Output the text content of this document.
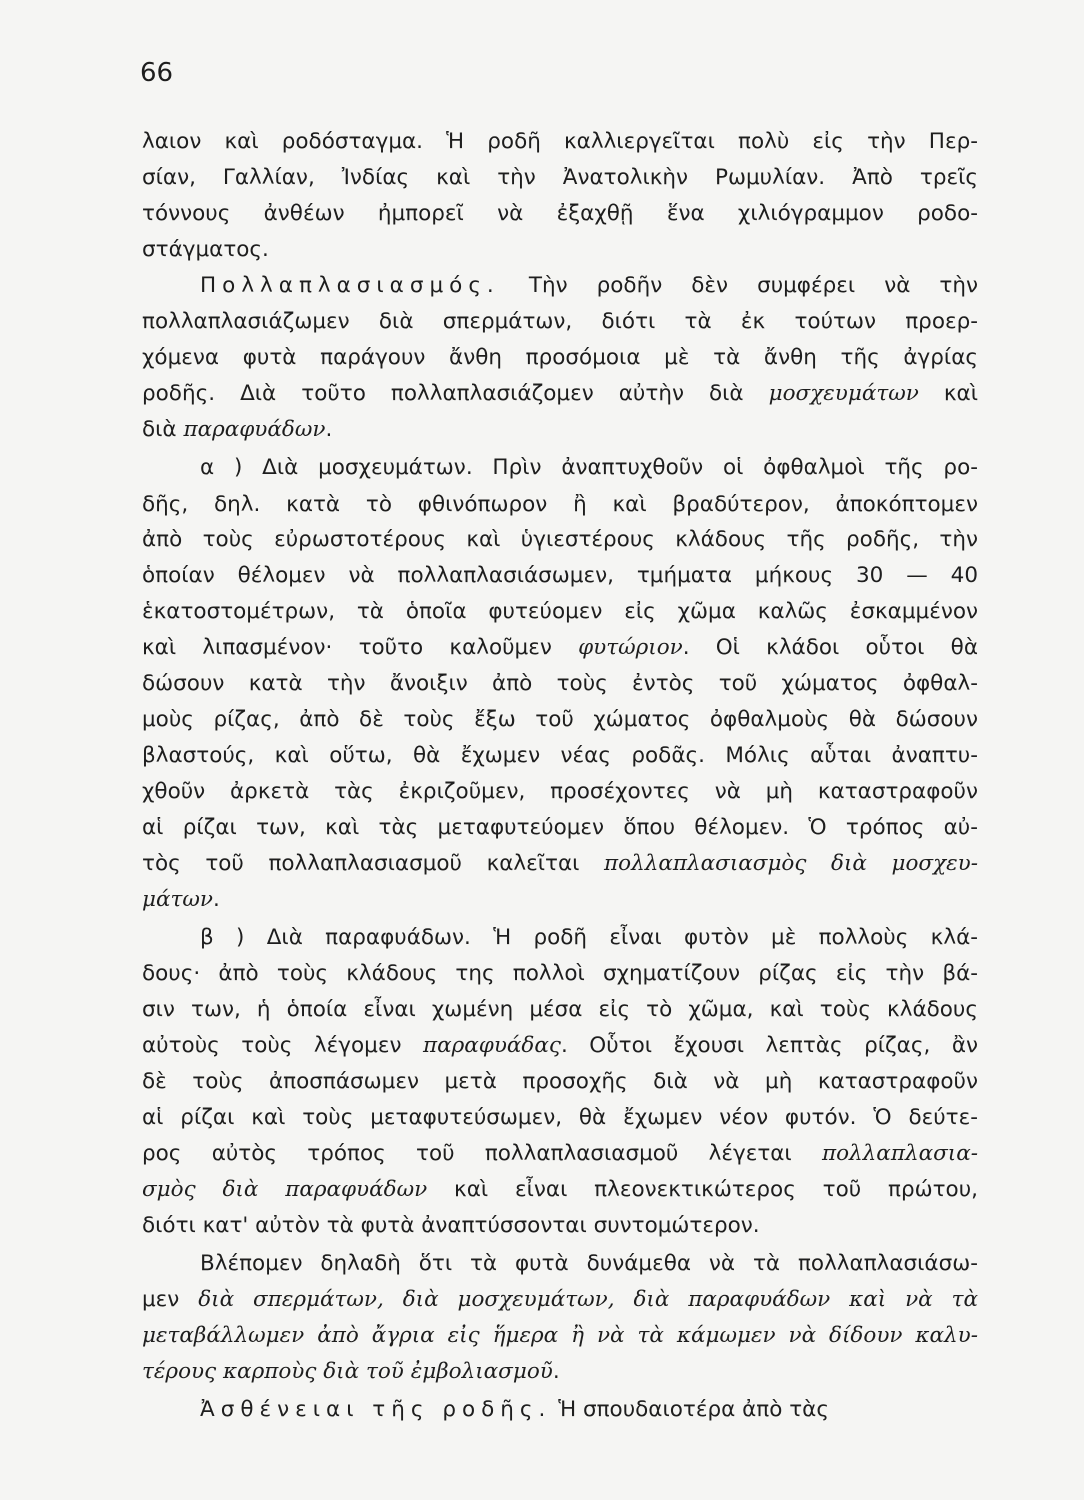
66
λαιον καὶ ροδόσταγμα. Ἡ ροδῆ καλλιεργεῖται πολὺ εἰς τὴν Περ-
σίαν, Γαλλίαν, Ἰνδίας καὶ τὴν Ἀνατολικὴν Ρωμυλίαν. Ἀπὸ τρεῖς
τόννους ἀνθέων ἠμπορεῖ νὰ ἐξαχθῇ ἕνα χιλιόγραμμον ροδο-
στάγματος.
Πολλαπλασιασμός. Τὴν ροδῆν δὲν συμφέρει νὰ τὴν
πολλαπλασιάζωμεν διὰ σπερμάτων, διότι τὰ ἐκ τούτων προερ-
χόμενα φυτὰ παράγουν ἄνθη προσόμοια μὲ τὰ ἄνθη τῆς ἀγρίας
ροδῆς. Διὰ τοῦτο πολλαπλασιάζομεν αὐτὴν διὰ μοσχευμάτων καὶ
διὰ παραφυάδων.
α ) Διὰ μοσχευμάτων. Πρὶν ἀναπτυχθοῦν οἱ ὀφθαλμοὶ τῆς ρο-
δῆς, δηλ. κατὰ τὸ φθινόπωρον ἢ καὶ βραδύτερον, ἀποκόπτομεν
ἀπὸ τοὺς εὐρωστοτέρους καὶ ὑγιεστέρους κλάδους τῆς ροδῆς, τὴν
ὁποίαν θέλομεν νὰ πολλαπλασιάσωμεν, τμήματα μήκους 30 — 40
ἑκατοστομέτρων, τὰ ὁποῖα φυτεύομεν εἰς χῶμα καλῶς ἐσκαμμένον
καὶ λιπασμένον· τοῦτο καλοῦμεν φυτώριον. Οἱ κλάδοι οὗτοι θὰ
δώσουν κατὰ τὴν ἄνοιξιν ἀπὸ τοὺς ἐντὸς τοῦ χώματος ὀφθαλ-
μοὺς ρίζας, ἀπὸ δὲ τοὺς ἔξω τοῦ χώματος ὀφθαλμοὺς θὰ δώσουν
βλαστούς, καὶ οὕτω, θὰ ἔχωμεν νέας ροδᾶς. Μόλις αὗται ἀναπτυ-
χθοῦν ἀρκετὰ τὰς ἐκριζοῦμεν, προσέχοντες νὰ μὴ καταστραφοῦν
αἱ ρίζαι των, καὶ τὰς μεταφυτεύομεν ὅπου θέλομεν. Ὁ τρόπος αὐ-
τὸς τοῦ πολλαπλασιασμοῦ καλεῖται πολλαπλασιασμὸς διὰ μοσχευ-
μάτων.
β ) Διὰ παραφυάδων. Ἡ ροδῆ εἶναι φυτὸν μὲ πολλοὺς κλά-
δους· ἀπὸ τοὺς κλάδους της πολλοὶ σχηματίζουν ρίζας εἰς τὴν βά-
σιν των, ἡ ὁποία εἶναι χωμένη μέσα εἰς τὸ χῶμα, καὶ τοὺς κλάδους
αὐτοὺς τοὺς λέγομεν παραφυάδας. Οὗτοι ἔχουσι λεπτὰς ρίζας, ἂν
δὲ τοὺς ἀποσπάσωμεν μετὰ προσοχῆς διὰ νὰ μὴ καταστραφοῦν
αἱ ρίζαι καὶ τοὺς μεταφυτεύσωμεν, θὰ ἔχωμεν νέον φυτόν. Ὁ δεύτε-
ρος αὐτὸς τρόπος τοῦ πολλαπλασιασμοῦ λέγεται πολλαπλασια-
σμὸς διὰ παραφυάδων καὶ εἶναι πλεονεκτικώτερος τοῦ πρώτου,
διότι κατ' αὐτὸν τὰ φυτὰ ἀναπτύσσονται συντομώτερον.
Βλέπομεν δηλαδὴ ὅτι τὰ φυτὰ δυνάμεθα νὰ τὰ πολλαπλασιάσω-
μεν διὰ σπερμάτων, διὰ μοσχευμάτων, διὰ παραφυάδων καὶ νὰ τὰ
μεταβάλλωμεν ἀπὸ ἄγρια εἰς ἥμερα ἢ νὰ τὰ κάμωμεν νὰ δίδουν καλυ-
τέρους καρποὺς διὰ τοῦ ἐμβολιασμοῦ.
Ἀσθένειαι τῆς ροδῆς. Ἡ σπουδαιοτέρα ἀπὸ τὰς
